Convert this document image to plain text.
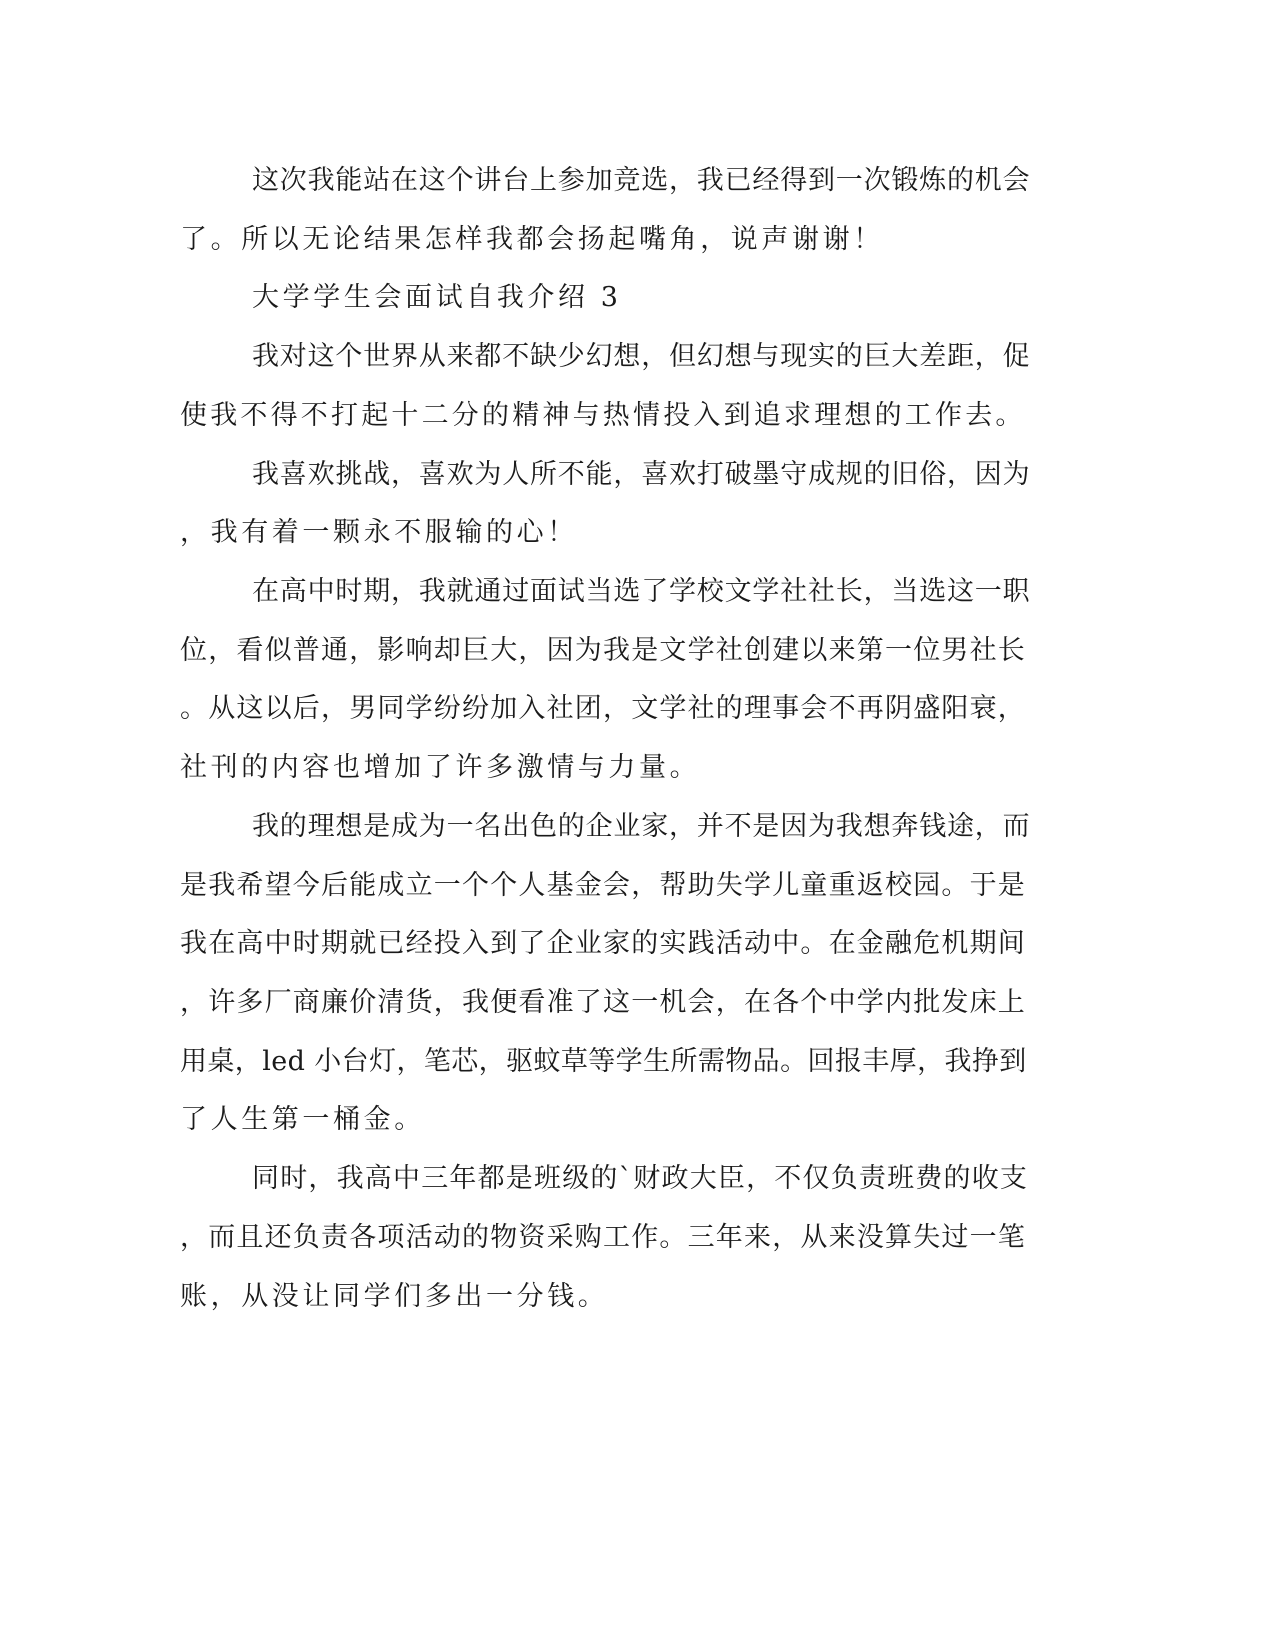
这次我能站在这个讲台上参加竞选，我已经得到一次锻炼的机会

了。所以无论结果怎样我都会扬起嘴角，说声谢谢！

大学学生会面试自我介绍 3

我对这个世界从来都不缺少幻想，但幻想与现实的巨大差距，促

使我不得不打起十二分的精神与热情投入到追求理想的工作去。

我喜欢挑战，喜欢为人所不能，喜欢打破墨守成规的旧俗，因为

，我有着一颗永不服输的心！

在高中时期，我就通过面试当选了学校文学社社长，当选这一职

位，看似普通，影响却巨大，因为我是文学社创建以来第一位男社长

。从这以后，男同学纷纷加入社团，文学社的理事会不再阴盛阳衰，

社刊的内容也增加了许多激情与力量。

我的理想是成为一名出色的企业家，并不是因为我想奔钱途，而

是我希望今后能成立一个个人基金会，帮助失学儿童重返校园。于是

我在高中时期就已经投入到了企业家的实践活动中。在金融危机期间

，许多厂商廉价清货，我便看准了这一机会，在各个中学内批发床上

用桌，led 小台灯，笔芯，驱蚊草等学生所需物品。回报丰厚，我挣到

了人生第一桶金。

同时，我高中三年都是班级的`财政大臣，不仅负责班费的收支

，而且还负责各项活动的物资采购工作。三年来，从来没算失过一笔

账，从没让同学们多出一分钱。
